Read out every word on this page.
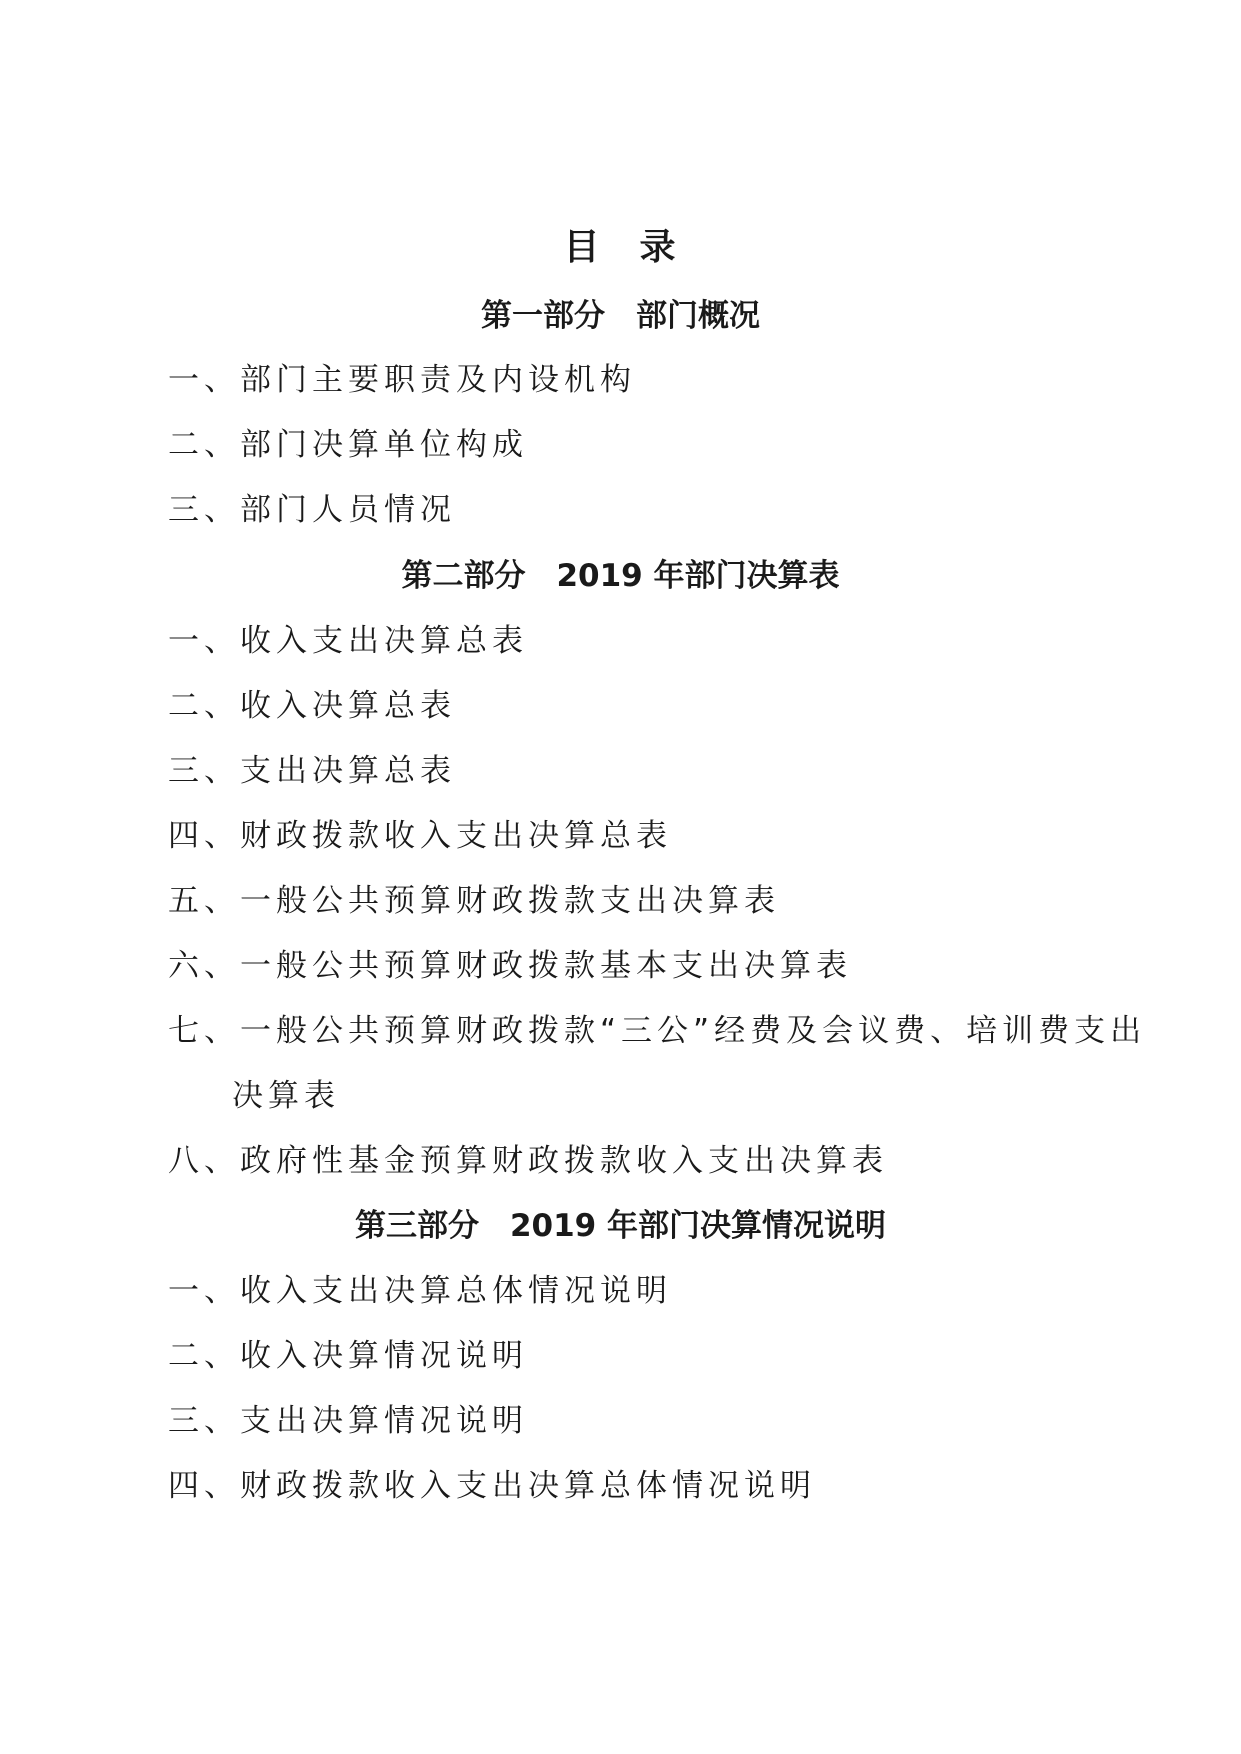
目　录
第一部分　部门概况
一、部门主要职责及内设机构
二、部门决算单位构成
三、部门人员情况
第二部分　2019 年部门决算表
一、收入支出决算总表
二、收入决算总表
三、支出决算总表
四、财政拨款收入支出决算总表
五、一般公共预算财政拨款支出决算表
六、一般公共预算财政拨款基本支出决算表
七、一般公共预算财政拨款“三公”经费及会议费、培训费支出
决算表
八、政府性基金预算财政拨款收入支出决算表
第三部分　2019 年部门决算情况说明
一、收入支出决算总体情况说明
二、收入决算情况说明
三、支出决算情况说明
四、财政拨款收入支出决算总体情况说明
